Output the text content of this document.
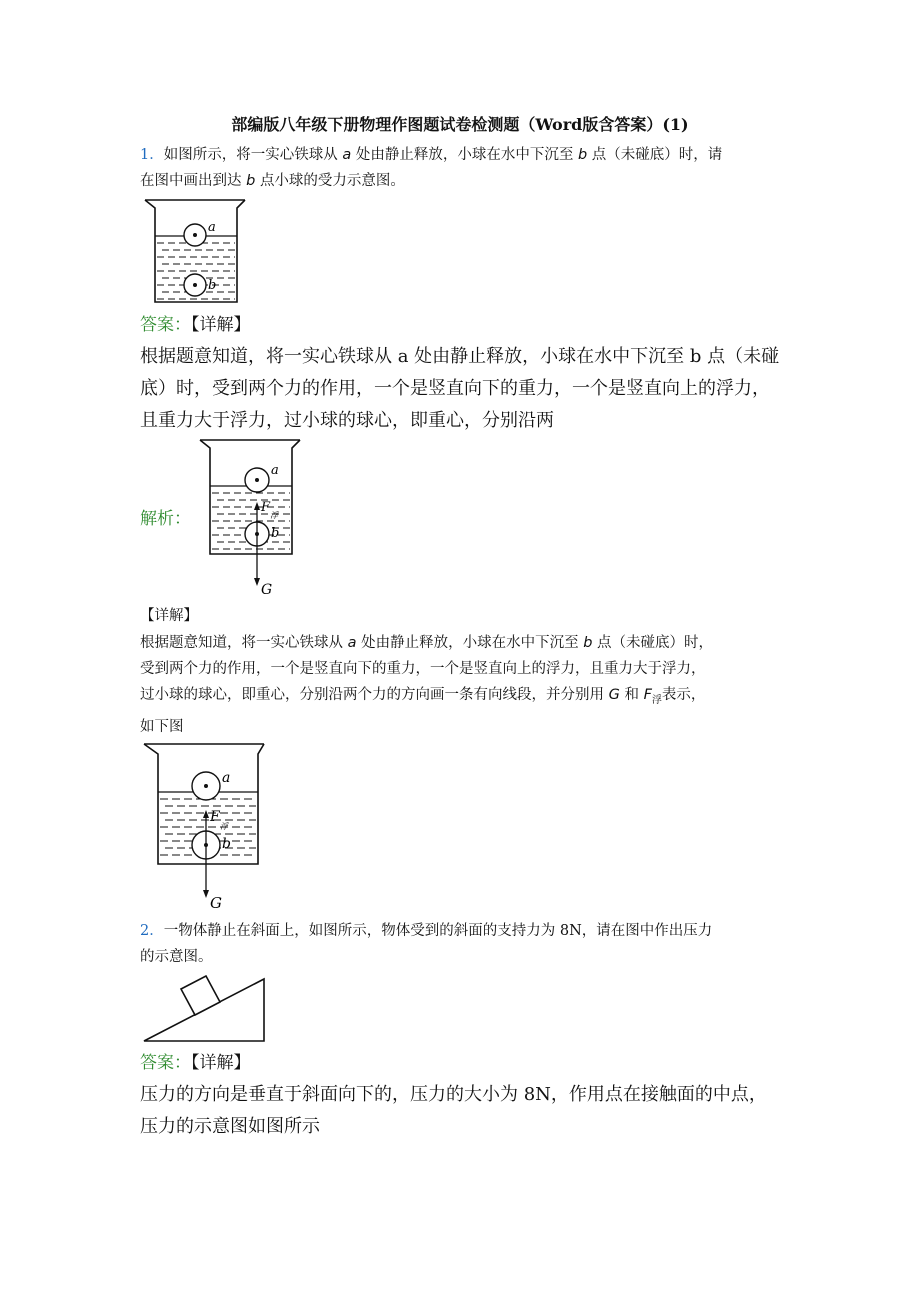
部编版八年级下册物理作图题试卷检测题（Word版含答案）(1)
1．如图所示，将一实心铁球从 a 处由静止释放，小球在水中下沉至 b 点（未碰底）时，请
在图中画出到达 b 点小球的受力示意图。
a
b
答案：【详解】
根据题意知道，将一实心铁球从 a 处由静止释放，小球在水中下沉至 b 点（未碰底）时，受到两个力的作用，一个是竖直向下的重力，一个是竖直向上的浮力，且重力大于浮力，过小球的球心，即重心，分别沿两
解析：
a
b
F
浮
G
【详解】
根据题意知道，将一实心铁球从 a 处由静止释放，小球在水中下沉至 b 点（未碰底）时，
受到两个力的作用，一个是竖直向下的重力，一个是竖直向上的浮力，且重力大于浮力，
过小球的球心，即重心，分别沿两个力的方向画一条有向线段，并分别用 G 和 $F_浮$表示，
如下图
a
b
F
浮
G
2．一物体静止在斜面上，如图所示，物体受到的斜面的支持力为 8N，请在图中作出压力
的示意图。
答案：【详解】
压力的方向是垂直于斜面向下的，压力的大小为 8N，作用点在接触面的中点，压力的示意图如图所示
